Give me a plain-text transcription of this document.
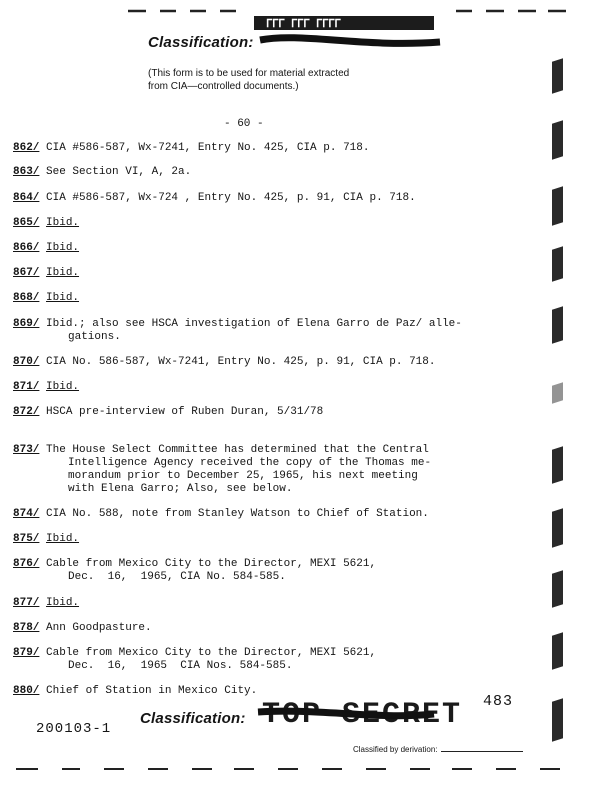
ᒥᒥᒥ ᒥᒥᒥ ᒥᒥᒥᒥ
Classification:
(This form is to be used for material extracted
from CIA—controlled documents.)
- 60 -
862/ CIA #586-587, Wx-7241, Entry No. 425, CIA p. 718.
863/ See Section VI, A, 2a.
864/ CIA #586-587, Wx-724 , Entry No. 425, p. 91, CIA p. 718.
865/ Ibid.
866/ Ibid.
867/ Ibid.
868/ Ibid.
869/ Ibid.; also see HSCA investigation of Elena Garro de Paz/ alle-
gations.
870/ CIA No. 586-587, Wx-7241, Entry No. 425, p. 91, CIA p. 718.
871/ Ibid.
872/ HSCA pre-interview of Ruben Duran, 5/31/78
873/ The House Select Committee has determined that the Central
Intelligence Agency received the copy of the Thomas me-
morandum prior to December 25, 1965, his next meeting
with Elena Garro; Also, see below.
874/ CIA No. 588, note from Stanley Watson to Chief of Station.
875/ Ibid.
876/ Cable from Mexico City to the Director, MEXI 5621,
Dec.  16,  1965, CIA No. 584-585.
877/ Ibid.
878/ Ann Goodpasture.
879/ Cable from Mexico City to the Director, MEXI 5621,
Dec.  16,  1965  CIA Nos. 584-585.
880/ Chief of Station in Mexico City.
Classification: TOP SECRET 483
200103-1
Classified by derivation:
